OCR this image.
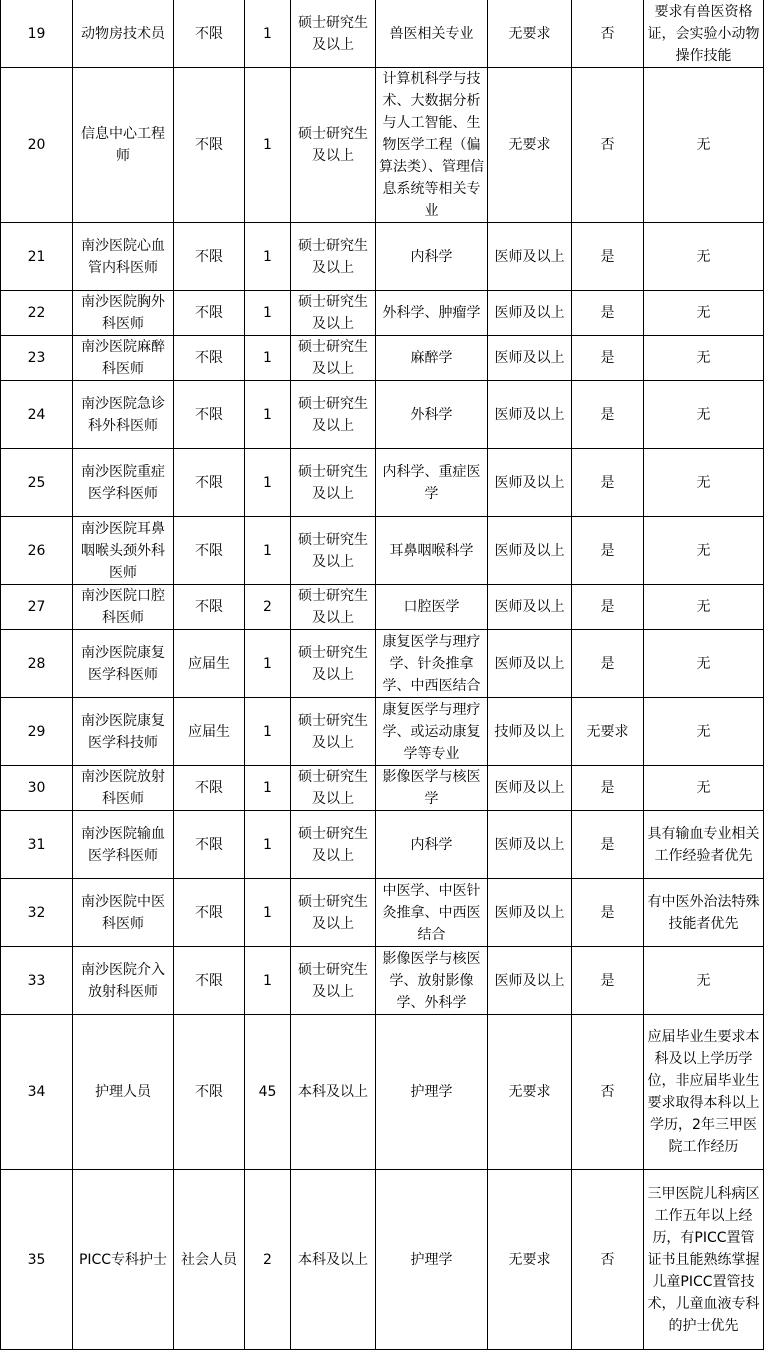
19	动物房技术员	不限	1	硕士研究生及以上	兽医相关专业	无要求	否	要求有兽医资格证，会实验小动物操作技能
20	信息中心工程师	不限	1	硕士研究生及以上	计算机科学与技术、大数据分析与人工智能、生物医学工程（偏算法类）、管理信息系统等相关专业	无要求	否	无
21	南沙医院心血管内科医师	不限	1	硕士研究生及以上	内科学	医师及以上	是	无
22	南沙医院胸外科医师	不限	1	硕士研究生及以上	外科学、肿瘤学	医师及以上	是	无
23	南沙医院麻醉科医师	不限	1	硕士研究生及以上	麻醉学	医师及以上	是	无
24	南沙医院急诊科外科医师	不限	1	硕士研究生及以上	外科学	医师及以上	是	无
25	南沙医院重症医学科医师	不限	1	硕士研究生及以上	内科学、重症医学	医师及以上	是	无
26	南沙医院耳鼻咽喉头颈外科医师	不限	1	硕士研究生及以上	耳鼻咽喉科学	医师及以上	是	无
27	南沙医院口腔科医师	不限	2	硕士研究生及以上	口腔医学	医师及以上	是	无
28	南沙医院康复医学科医师	应届生	1	硕士研究生及以上	康复医学与理疗学、针灸推拿学、中西医结合	医师及以上	是	无
29	南沙医院康复医学科技师	应届生	1	硕士研究生及以上	康复医学与理疗学、或运动康复学等专业	技师及以上	无要求	无
30	南沙医院放射科医师	不限	1	硕士研究生及以上	影像医学与核医学	医师及以上	是	无
31	南沙医院输血医学科医师	不限	1	硕士研究生及以上	内科学	医师及以上	是	具有输血专业相关工作经验者优先
32	南沙医院中医科医师	不限	1	硕士研究生及以上	中医学、中医针灸推拿、中西医结合	医师及以上	是	有中医外治法特殊技能者优先
33	南沙医院介入放射科医师	不限	1	硕士研究生及以上	影像医学与核医学、放射影像学、外科学	医师及以上	是	无
34	护理人员	不限	45	本科及以上	护理学	无要求	否	应届毕业生要求本科及以上学历学位，非应届毕业生要求取得本科以上学历，2年三甲医院工作经历
35	PICC专科护士	社会人员	2	本科及以上	护理学	无要求	否	三甲医院儿科病区工作五年以上经历，有PICC置管证书且能熟练掌握儿童PICC置管技术，儿童血液专科的护士优先
